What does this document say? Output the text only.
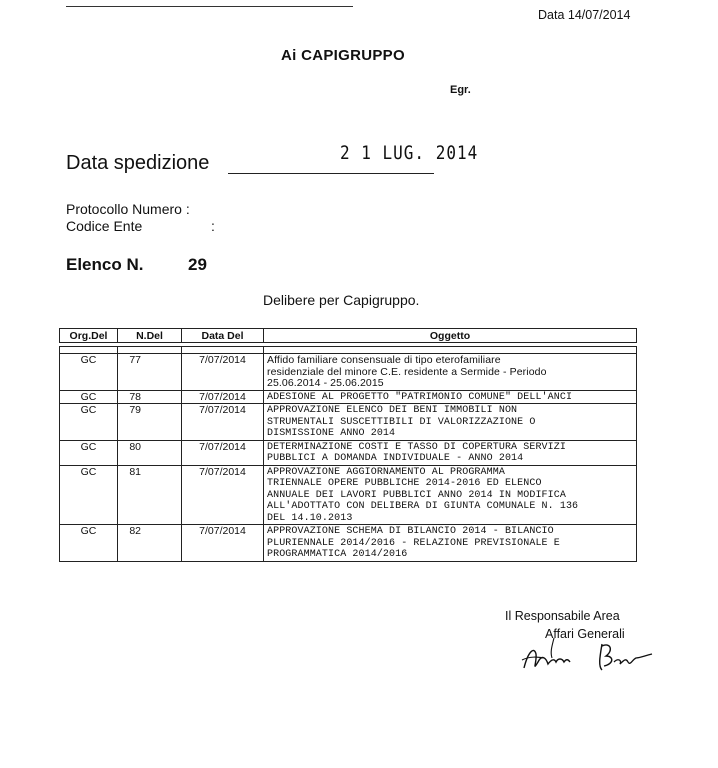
Data 14/07/2014
Ai CAPIGRUPPO
Egr.
Data spedizione	2 1 LUG. 2014
Protocollo Numero :
Codice Ente	:
Elenco N.	29
Delibere per Capigruppo.
Org.Del	N.Del	Data Del	Oggetto

GC	77	7/07/2014	Affido familiare consensuale di tipo eterofamiliare
residenziale del minore C.E. residente a Sermide - Periodo
25.06.2014 - 25.06.2015

GC	78	7/07/2014	ADESIONE AL PROGETTO "PATRIMONIO COMUNE" DELL'ANCI

GC	79	7/07/2014	APPROVAZIONE ELENCO DEI BENI IMMOBILI NON
STRUMENTALI SUSCETTIBILI DI VALORIZZAZIONE O
DISMISSIONE ANNO 2014

GC	80	7/07/2014	DETERMINAZIONE COSTI E TASSO DI COPERTURA SERVIZI
PUBBLICI A DOMANDA INDIVIDUALE - ANNO 2014

GC	81	7/07/2014	APPROVAZIONE AGGIORNAMENTO AL PROGRAMMA
TRIENNALE OPERE PUBBLICHE 2014-2016 ED ELENCO
ANNUALE DEI LAVORI PUBBLICI ANNO 2014 IN MODIFICA
ALL'ADOTTATO CON DELIBERA DI GIUNTA COMUNALE N. 136
DEL 14.10.2013

GC	82	7/07/2014	APPROVAZIONE SCHEMA DI BILANCIO 2014 - BILANCIO
PLURIENNALE 2014/2016 - RELAZIONE PREVISIONALE E
PROGRAMMATICA 2014/2016
Il Responsabile Area
Affari Generali
